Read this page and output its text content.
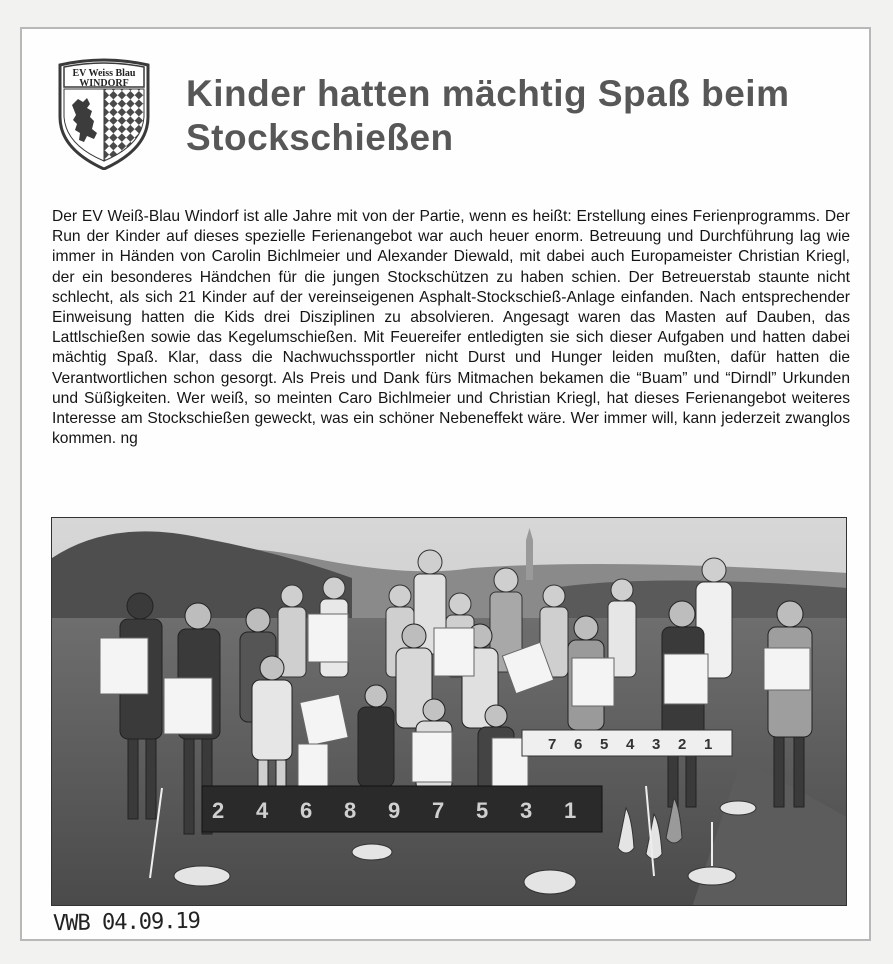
EV Weiss Blau
WINDORF Kinder hatten mächtig Spaß beim Stockschießen

Der EV Weiß-Blau Windorf ist alle Jahre mit von der Partie, wenn es heißt: Erstellung eines Ferienprogramms. Der Run der Kinder auf dieses spezielle Ferienangebot war auch heuer enorm. Betreuung und Durchführung lag wie immer in Händen von Carolin Bichlmeier und Alexander Diewald, mit dabei auch Europameister Christian Kriegl, der ein besonderes Händchen für die jungen Stockschützen zu haben schien. Der Betreuerstab staunte nicht schlecht, als sich 21 Kinder auf der vereinseigenen Asphalt-Stockschieß-Anlage einfanden. Nach entsprechender Einweisung hatten die Kids drei Disziplinen zu absolvieren. Angesagt waren das Masten auf Dauben, das Lattlschießen sowie das Kegelumschießen. Mit Feuereifer entledigten sie sich dieser Aufgaben und hatten dabei mächtig Spaß. Klar, dass die Nachwuchssportler nicht Durst und Hunger leiden mußten, dafür hatten die Verantwortlichen schon gesorgt. Als Preis und Dank fürs Mitmachen bekamen die “Buam” und “Dirndl” Urkunden und Süßigkeiten. Wer weiß, so meinten Caro Bichlmeier und Christian Kriegl, hat dieses Ferienangebot weiteres Interesse am Stockschießen geweckt, was ein schöner Nebeneffekt wäre. Wer immer will, kann jederzeit zwanglos kommen. ng

7 6 5 4 3 2 1
2 4 6 8 9 7 5 3 1

VWB 04.09.19
